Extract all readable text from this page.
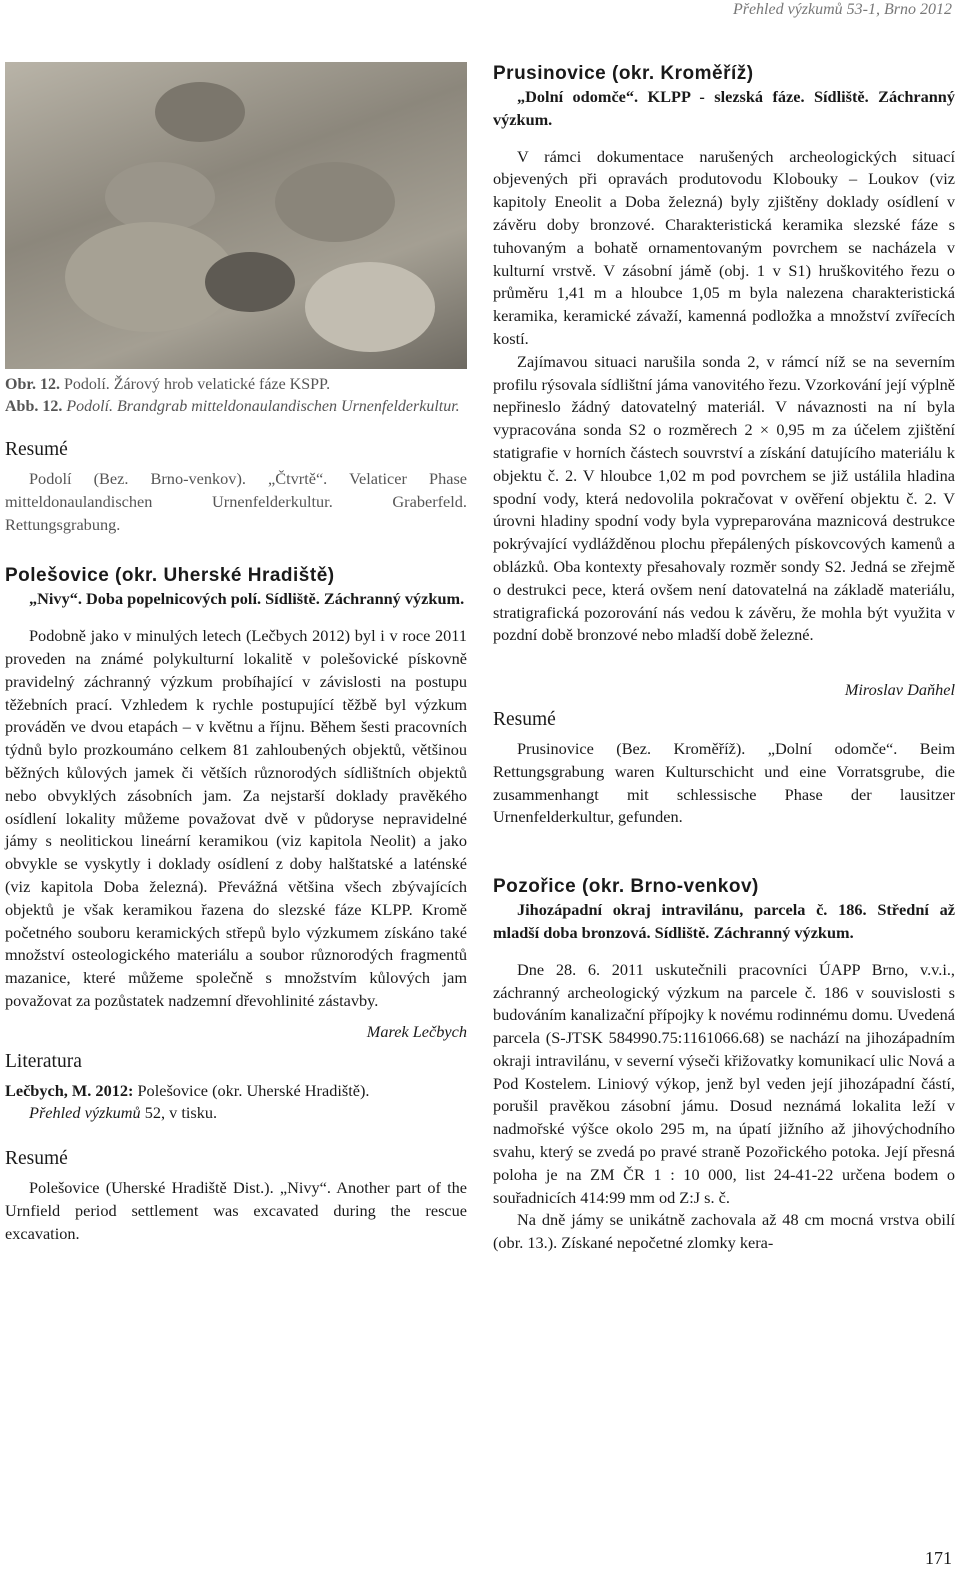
Přehled výzkumů 53-1, Brno 2012
Obr. 12. Podolí. Žárový hrob velatické fáze KSPP.
Abb. 12. Podolí. Brandgrab mitteldonaulandischen Urnenfelderkultur.
Resumé

Podolí (Bez. Brno-venkov). „Čtvrtě“. Velaticer Phase mitteldonaulandischen Urnenfelderkultur. Graberfeld. Rettungsgrabung.

Polešovice (okr. Uherské Hradiště)

„Nivy“. Doba popelnicových polí. Sídliště. Záchranný výzkum.

Podobně jako v minulých letech (Lečbych 2012) byl i v roce 2011 proveden na známé polykulturní lokalitě v polešovické pískovně pravidelný záchranný výzkum probíhající v závislosti na postupu těžebních prací. Vzhledem k rychle postupující těžbě byl výzkum prováděn ve dvou etapách – v květnu a říjnu. Během šesti pracovních týdnů bylo prozkoumáno celkem 81 zahloubených objektů, většinou běžných kůlových jamek či větších různorodých sídlištních objektů nebo obvyklých zásobních jam. Za nejstarší doklady pravěkého osídlení lokality můžeme považovat dvě v půdoryse nepravidelné jámy s neolitickou lineární keramikou (viz kapitola Neolit) a jako obvykle se vyskytly i doklady osídlení z doby halštatské a laténské (viz kapitola Doba železná). Převážná většina všech zbývajících objektů je však keramikou řazena do slezské fáze KLPP. Kromě početného souboru keramických střepů bylo výzkumem získáno také množství osteologického materiálu a soubor různorodých fragmentů mazanice, které můžeme společně s množstvím kůlových jam považovat za pozůstatek nadzemní dřevohlinité zástavby.

Marek Lečbych
Literatura

Lečbych, M. 2012: Polešovice (okr. Uherské Hradiště).
Přehled výzkumů 52, v tisku.

Resumé

Polešovice (Uherské Hradiště Dist.). „Nivy“. Another part of the Urnfield period settlement was excavated during the rescue excavation.

Prusinovice (okr. Kroměříž)

„Dolní odomče“. KLPP - slezská fáze. Sídliště. Záchranný výzkum.

V rámci dokumentace narušených archeologických situací objevených při opravách produtovodu Klobouky – Loukov (viz kapitoly Eneolit a Doba železná) byly zjištěny doklady osídlení v závěru doby bronzové. Charakteristická keramika slezské fáze s tuhovaným a bohatě ornamentovaným povrchem se nacházela v kulturní vrstvě. V zásobní jámě (obj. 1 v S1) hruškovitého řezu o průměru 1,41 m a hloubce 1,05 m byla nalezena charakteristická keramika, keramické závaží, kamenná podložka a množství zvířecích kostí.

Zajímavou situaci narušila sonda 2, v rámcí níž se na severním profilu rýsovala sídlištní jáma vanovitého řezu. Vzorkování její výplně nepřineslo žádný datovatelný materiál. V návaznosti na ní byla vypracována sonda S2 o rozměrech 2 × 0,95 m za účelem zjištění statigrafie v horních částech souvrství a získání datujícího materiálu k objektu č. 2. V hloubce 1,02 m pod povrchem se již ustálila hladina spodní vody, která nedovolila pokračovat v ověření objektu č. 2. V úrovni hladiny spodní vody byla vypreparována maznicová destrukce pokrývající vydlážděnou plochu přepálených pískovcových kamenů a oblázků. Oba kontexty přesahovaly rozměr sondy S2. Jedná se zřejmě o destrukci pece, která ovšem není datovatelná na základě materiálu, stratigrafická pozorování nás vedou k závěru, že mohla být využita v pozdní době bronzové nebo mladší době železné.

Miroslav Daňhel
Resumé

Prusinovice (Bez. Kroměříž). „Dolní odomče“. Beim Rettungsgrabung waren Kulturschicht und eine Vorratsgrube, die zusammenhangt mit schlessische Phase der lausitzer Urnenfelderkultur, gefunden.

Pozořice (okr. Brno-venkov)

Jihozápadní okraj intravilánu, parcela č. 186. Střední až mladší doba bronzová. Sídliště. Záchranný výzkum.

Dne 28. 6. 2011 uskutečnili pracovníci ÚAPP Brno, v.v.i., záchranný archeologický výzkum na parcele č. 186 v souvislosti s budováním kanalizační přípojky k novému rodinnému domu. Uvedená parcela (S-JTSK 584990.75:1161066.68) se nachází na jihozápadním okraji intravilánu, v severní výseči křižovatky komunikací ulic Nová a Pod Kostelem. Liniový výkop, jenž byl veden její jihozápadní částí, porušil pravěkou zásobní jámu. Dosud neznámá lokalita leží v nadmořské výšce okolo 295 m, na úpatí jižního až jihovýchodního svahu, který se zvedá po pravé straně Pozořického potoka. Její přesná poloha je na ZM ČR 1 : 10 000, list 24-41-22 určena bodem o souřadnicích 414:99 mm od Z:J s. č.

Na dně jámy se unikátně zachovala až 48 cm mocná vrstva obilí (obr. 13.). Získané nepočetné zlomky kera-

171
